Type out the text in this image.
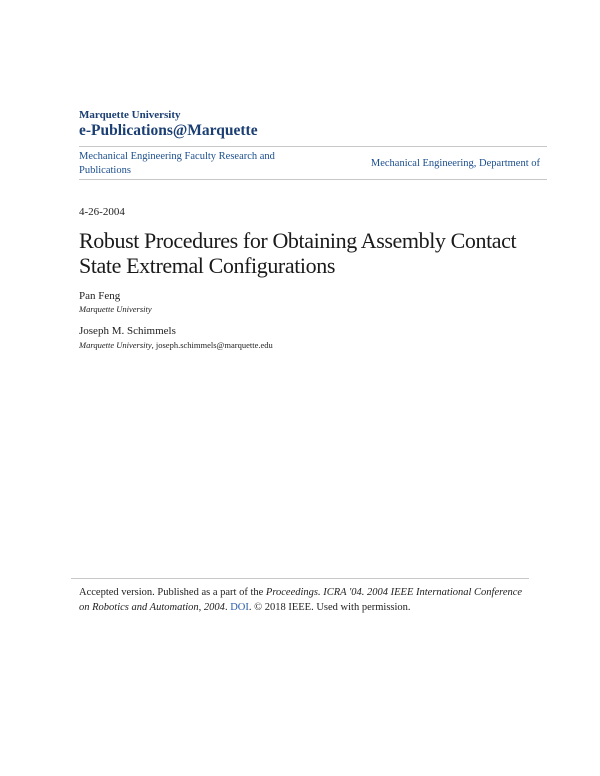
Marquette University
e-Publications@Marquette
Mechanical Engineering Faculty Research and Publications
Mechanical Engineering, Department of
4-26-2004
Robust Procedures for Obtaining Assembly Contact State Extremal Configurations
Pan Feng
Marquette University
Joseph M. Schimmels
Marquette University, joseph.schimmels@marquette.edu
Accepted version. Published as a part of the Proceedings. ICRA '04. 2004 IEEE International Conference on Robotics and Automation, 2004. DOI. © 2018 IEEE. Used with permission.
